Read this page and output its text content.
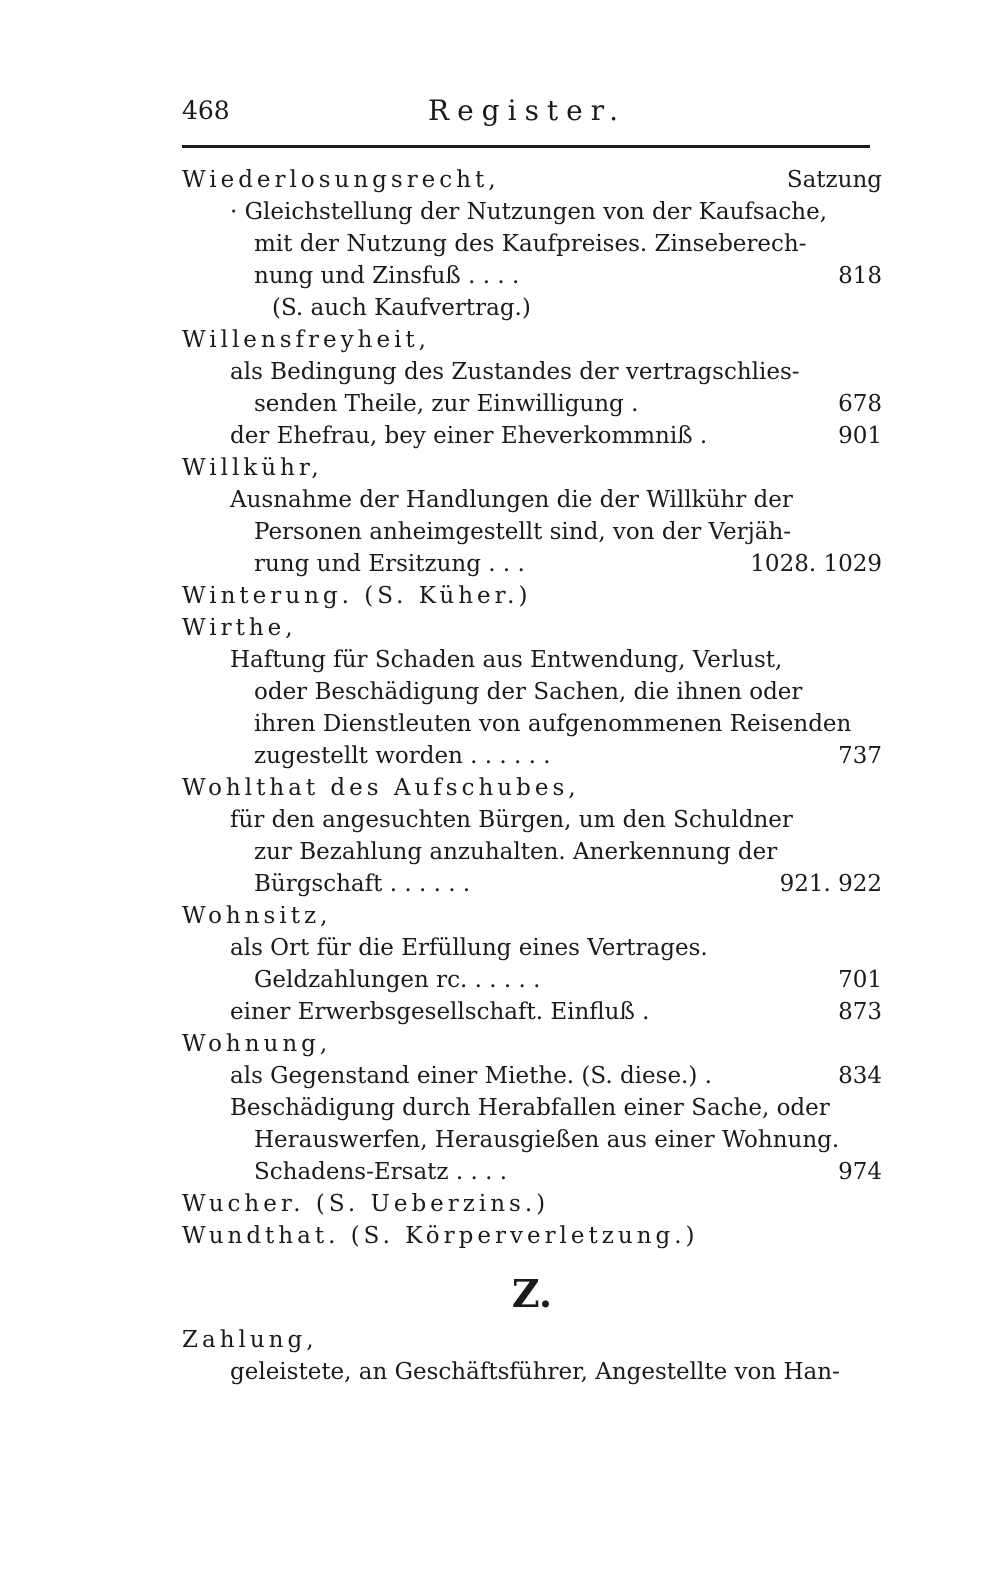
468	Register.
Wiederlosungsrecht,	Satzung
· Gleichstellung der Nutzungen von der Kaufsache,
mit der Nutzung des Kaufpreises. Zinseberech-
nung und Zinsfuß . . . .	818
(S. auch Kaufvertrag.)
Willensfreyheit,
als Bedingung des Zustandes der vertragschlies-
senden Theile, zur Einwilligung .	678
der Ehefrau, bey einer Eheverkommniß .	901
Willkühr,
Ausnahme der Handlungen die der Willkühr der
Personen anheimgestellt sind, von der Verjäh-
rung und Ersitzung . . .	1028. 1029
Winterung. (S. Küher.)
Wirthe,
Haftung für Schaden aus Entwendung, Verlust,
oder Beschädigung der Sachen, die ihnen oder
ihren Dienstleuten von aufgenommenen Reisenden
zugestellt worden . . . . . .	737
Wohlthat des Aufschubes,
für den angesuchten Bürgen, um den Schuldner
zur Bezahlung anzuhalten. Anerkennung der
Bürgschaft . . . . . .	921. 922
Wohnsitz,
als Ort für die Erfüllung eines Vertrages.
Geldzahlungen rc. . . . . .	701
einer Erwerbsgesellschaft. Einfluß .	873
Wohnung,
als Gegenstand einer Miethe. (S. diese.) .	834
Beschädigung durch Herabfallen einer Sache, oder
Herauswerfen, Herausgießen aus einer Wohnung.
Schadens-Ersatz . . . .	974
Wucher. (S. Ueberzins.)
Wundthat. (S. Körperverletzung.)
Z.
Zahlung,
geleistete, an Geschäftsführer, Angestellte von Han-
